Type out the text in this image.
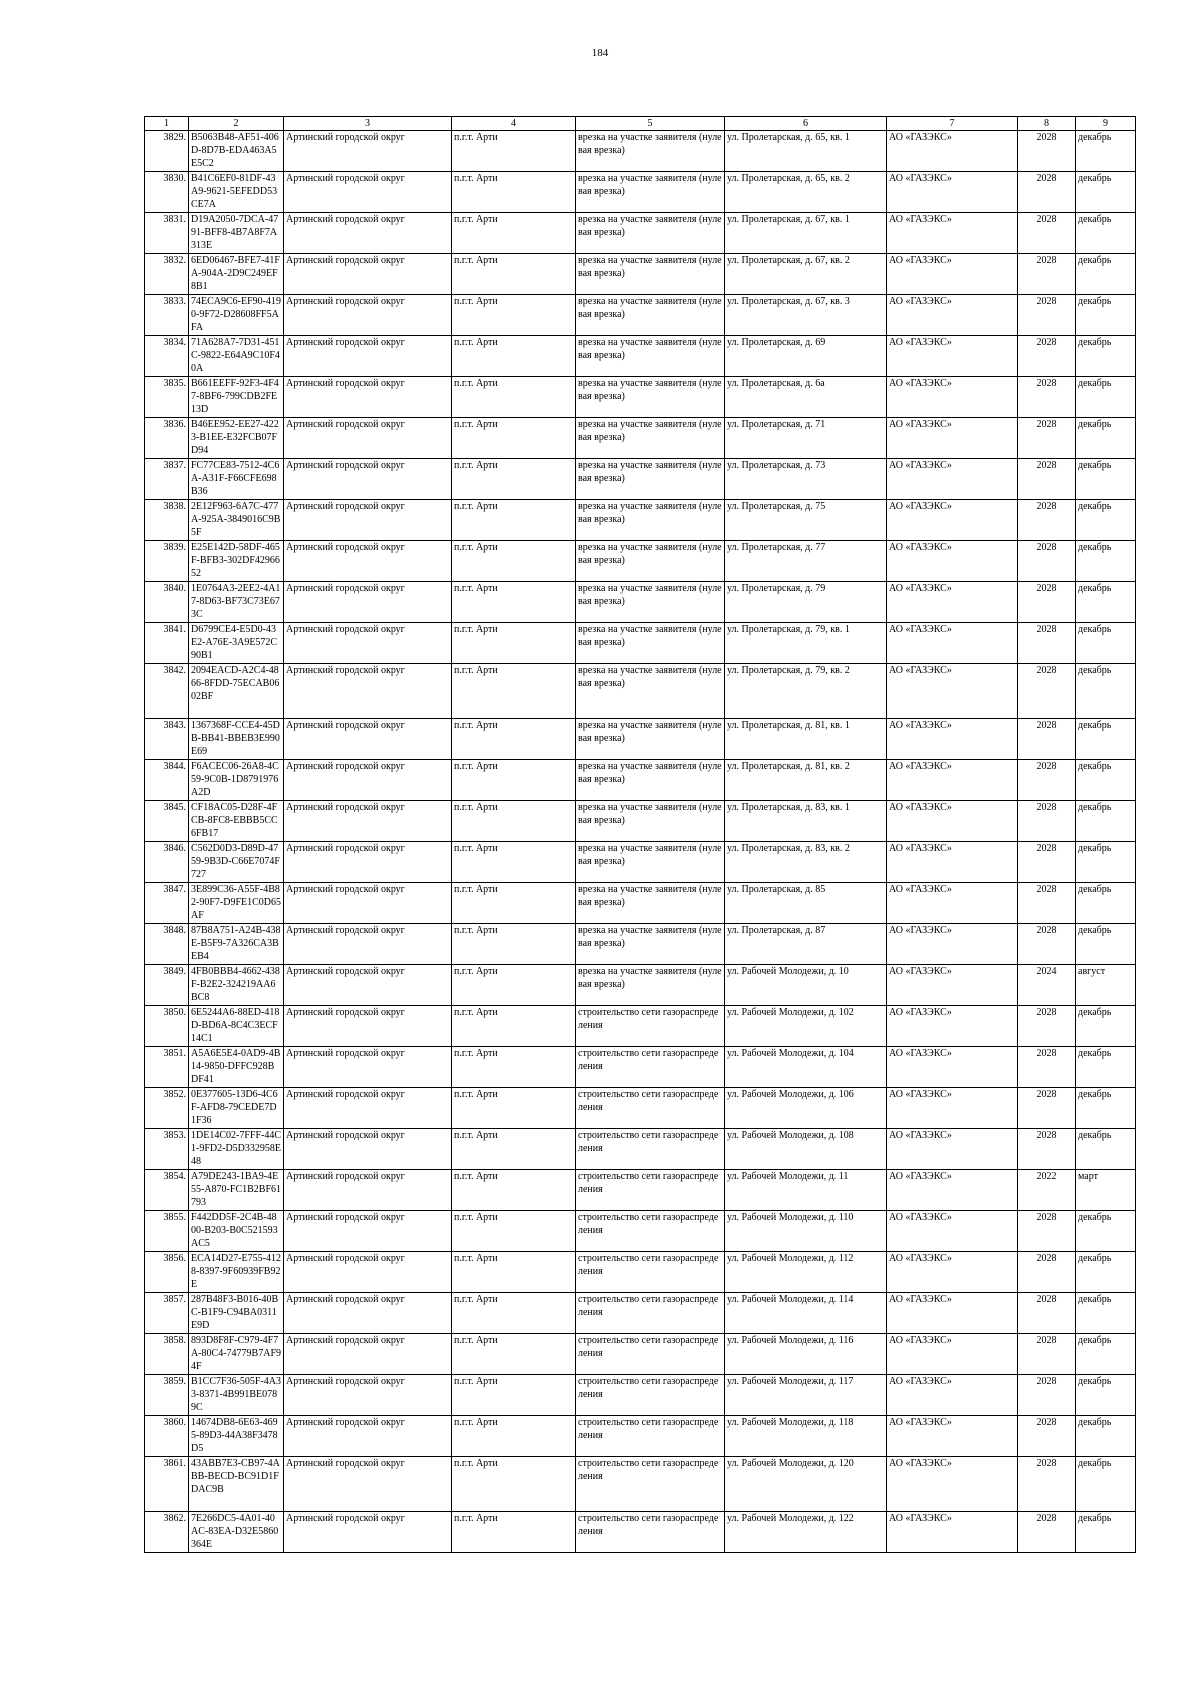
184
1	2	3	4	5	6	7	8	9
3829.	B5063B48-AF51-406D-8D7B-EDA463A5E5C2	Артинский городской округ	п.г.т. Арти	врезка на участке заявителя (нулевая врезка)	ул. Пролетарская, д. 65, кв. 1	АО «ГАЗЭКС»	2028	декабрь
3830.	B41C6EF0-81DF-43A9-9621-5EFEDD53CE7A	Артинский городской округ	п.г.т. Арти	врезка на участке заявителя (нулевая врезка)	ул. Пролетарская, д. 65, кв. 2	АО «ГАЗЭКС»	2028	декабрь
3831.	D19A2050-7DCA-4791-BFF8-4B7A8F7A313E	Артинский городской округ	п.г.т. Арти	врезка на участке заявителя (нулевая врезка)	ул. Пролетарская, д. 67, кв. 1	АО «ГАЗЭКС»	2028	декабрь
3832.	6ED06467-BFE7-41FA-904A-2D9C249EF8B1	Артинский городской округ	п.г.т. Арти	врезка на участке заявителя (нулевая врезка)	ул. Пролетарская, д. 67, кв. 2	АО «ГАЗЭКС»	2028	декабрь
3833.	74ECA9C6-EF90-4190-9F72-D28608FF5AFA	Артинский городской округ	п.г.т. Арти	врезка на участке заявителя (нулевая врезка)	ул. Пролетарская, д. 67, кв. 3	АО «ГАЗЭКС»	2028	декабрь
3834.	71A628A7-7D31-451C-9822-E64A9C10F40A	Артинский городской округ	п.г.т. Арти	врезка на участке заявителя (нулевая врезка)	ул. Пролетарская, д. 69	АО «ГАЗЭКС»	2028	декабрь
3835.	B661EEFF-92F3-4F47-8BF6-799CDB2FE13D	Артинский городской округ	п.г.т. Арти	врезка на участке заявителя (нулевая врезка)	ул. Пролетарская, д. 6а	АО «ГАЗЭКС»	2028	декабрь
3836.	B46EE952-EE27-4223-B1EE-E32FCB07FD94	Артинский городской округ	п.г.т. Арти	врезка на участке заявителя (нулевая врезка)	ул. Пролетарская, д. 71	АО «ГАЗЭКС»	2028	декабрь
3837.	FC77CE83-7512-4C6A-A31F-F66CFE698B36	Артинский городской округ	п.г.т. Арти	врезка на участке заявителя (нулевая врезка)	ул. Пролетарская, д. 73	АО «ГАЗЭКС»	2028	декабрь
3838.	2E12F963-6A7C-477A-925A-3849016C9B5F	Артинский городской округ	п.г.т. Арти	врезка на участке заявителя (нулевая врезка)	ул. Пролетарская, д. 75	АО «ГАЗЭКС»	2028	декабрь
3839.	E25E142D-58DF-465F-BFB3-302DF4296652	Артинский городской округ	п.г.т. Арти	врезка на участке заявителя (нулевая врезка)	ул. Пролетарская, д. 77	АО «ГАЗЭКС»	2028	декабрь
3840.	1E0764A3-2EE2-4A17-8D63-BF73C73E673C	Артинский городской округ	п.г.т. Арти	врезка на участке заявителя (нулевая врезка)	ул. Пролетарская, д. 79	АО «ГАЗЭКС»	2028	декабрь
3841.	D6799CE4-E5D0-43E2-A76E-3A9E572C90B1	Артинский городской округ	п.г.т. Арти	врезка на участке заявителя (нулевая врезка)	ул. Пролетарская, д. 79, кв. 1	АО «ГАЗЭКС»	2028	декабрь
3842.	2094EACD-A2C4-4866-8FDD-75ECAB0602BF	Артинский городской округ	п.г.т. Арти	врезка на участке заявителя (нулевая врезка)	ул. Пролетарская, д. 79, кв. 2	АО «ГАЗЭКС»	2028	декабрь
3843.	1367368F-CCE4-45DB-BB41-BBEB3E990E69	Артинский городской округ	п.г.т. Арти	врезка на участке заявителя (нулевая врезка)	ул. Пролетарская, д. 81, кв. 1	АО «ГАЗЭКС»	2028	декабрь
3844.	F6ACEC06-26A8-4C59-9C0B-1D8791976A2D	Артинский городской округ	п.г.т. Арти	врезка на участке заявителя (нулевая врезка)	ул. Пролетарская, д. 81, кв. 2	АО «ГАЗЭКС»	2028	декабрь
3845.	CF18AC05-D28F-4FCB-8FC8-EBBB5CC6FB17	Артинский городской округ	п.г.т. Арти	врезка на участке заявителя (нулевая врезка)	ул. Пролетарская, д. 83, кв. 1	АО «ГАЗЭКС»	2028	декабрь
3846.	C562D0D3-D89D-4759-9B3D-C66E7074F727	Артинский городской округ	п.г.т. Арти	врезка на участке заявителя (нулевая врезка)	ул. Пролетарская, д. 83, кв. 2	АО «ГАЗЭКС»	2028	декабрь
3847.	3E899C36-A55F-4B82-90F7-D9FE1C0D65AF	Артинский городской округ	п.г.т. Арти	врезка на участке заявителя (нулевая врезка)	ул. Пролетарская, д. 85	АО «ГАЗЭКС»	2028	декабрь
3848.	87B8A751-A24B-438E-B5F9-7A326CA3BEB4	Артинский городской округ	п.г.т. Арти	врезка на участке заявителя (нулевая врезка)	ул. Пролетарская, д. 87	АО «ГАЗЭКС»	2028	декабрь
3849.	4FB0BBB4-4662-438F-B2E2-324219AA6BC8	Артинский городской округ	п.г.т. Арти	врезка на участке заявителя (нулевая врезка)	ул. Рабочей Молодежи, д. 10	АО «ГАЗЭКС»	2024	август
3850.	6E5244A6-88ED-418D-BD6A-8C4C3ECF14C1	Артинский городской округ	п.г.т. Арти	строительство сети газораспределения	ул. Рабочей Молодежи, д. 102	АО «ГАЗЭКС»	2028	декабрь
3851.	A5A6E5E4-0AD9-4B14-9850-DFFC928BDF41	Артинский городской округ	п.г.т. Арти	строительство сети газораспределения	ул. Рабочей Молодежи, д. 104	АО «ГАЗЭКС»	2028	декабрь
3852.	0E377605-13D6-4C6F-AFD8-79CEDE7D1F36	Артинский городской округ	п.г.т. Арти	строительство сети газораспределения	ул. Рабочей Молодежи, д. 106	АО «ГАЗЭКС»	2028	декабрь
3853.	1DE14C02-7FFF-44C1-9FD2-D5D332958E48	Артинский городской округ	п.г.т. Арти	строительство сети газораспределения	ул. Рабочей Молодежи, д. 108	АО «ГАЗЭКС»	2028	декабрь
3854.	A79DE243-1BA9-4E55-A870-FC1B2BF61793	Артинский городской округ	п.г.т. Арти	строительство сети газораспределения	ул. Рабочей Молодежи, д. 11	АО «ГАЗЭКС»	2022	март
3855.	F442DD5F-2C4B-4800-B203-B0C521593AC5	Артинский городской округ	п.г.т. Арти	строительство сети газораспределения	ул. Рабочей Молодежи, д. 110	АО «ГАЗЭКС»	2028	декабрь
3856.	ECA14D27-E755-4128-8397-9F60939FB92E	Артинский городской округ	п.г.т. Арти	строительство сети газораспределения	ул. Рабочей Молодежи, д. 112	АО «ГАЗЭКС»	2028	декабрь
3857.	287B48F3-B016-40BC-B1F9-C94BA0311E9D	Артинский городской округ	п.г.т. Арти	строительство сети газораспределения	ул. Рабочей Молодежи, д. 114	АО «ГАЗЭКС»	2028	декабрь
3858.	893D8F8F-C979-4F7A-80C4-74779B7AF94F	Артинский городской округ	п.г.т. Арти	строительство сети газораспределения	ул. Рабочей Молодежи, д. 116	АО «ГАЗЭКС»	2028	декабрь
3859.	B1CC7F36-505F-4A33-8371-4B991BE0789C	Артинский городской округ	п.г.т. Арти	строительство сети газораспределения	ул. Рабочей Молодежи, д. 117	АО «ГАЗЭКС»	2028	декабрь
3860.	14674DB8-6E63-4695-89D3-44A38F3478D5	Артинский городской округ	п.г.т. Арти	строительство сети газораспределения	ул. Рабочей Молодежи, д. 118	АО «ГАЗЭКС»	2028	декабрь
3861.	43ABB7E3-CB97-4ABB-BECD-BC91D1FDAC9B	Артинский городской округ	п.г.т. Арти	строительство сети газораспределения	ул. Рабочей Молодежи, д. 120	АО «ГАЗЭКС»	2028	декабрь
3862.	7E266DC5-4A01-40AC-83EA-D32E5860364E	Артинский городской округ	п.г.т. Арти	строительство сети газораспределения	ул. Рабочей Молодежи, д. 122	АО «ГАЗЭКС»	2028	декабрь
